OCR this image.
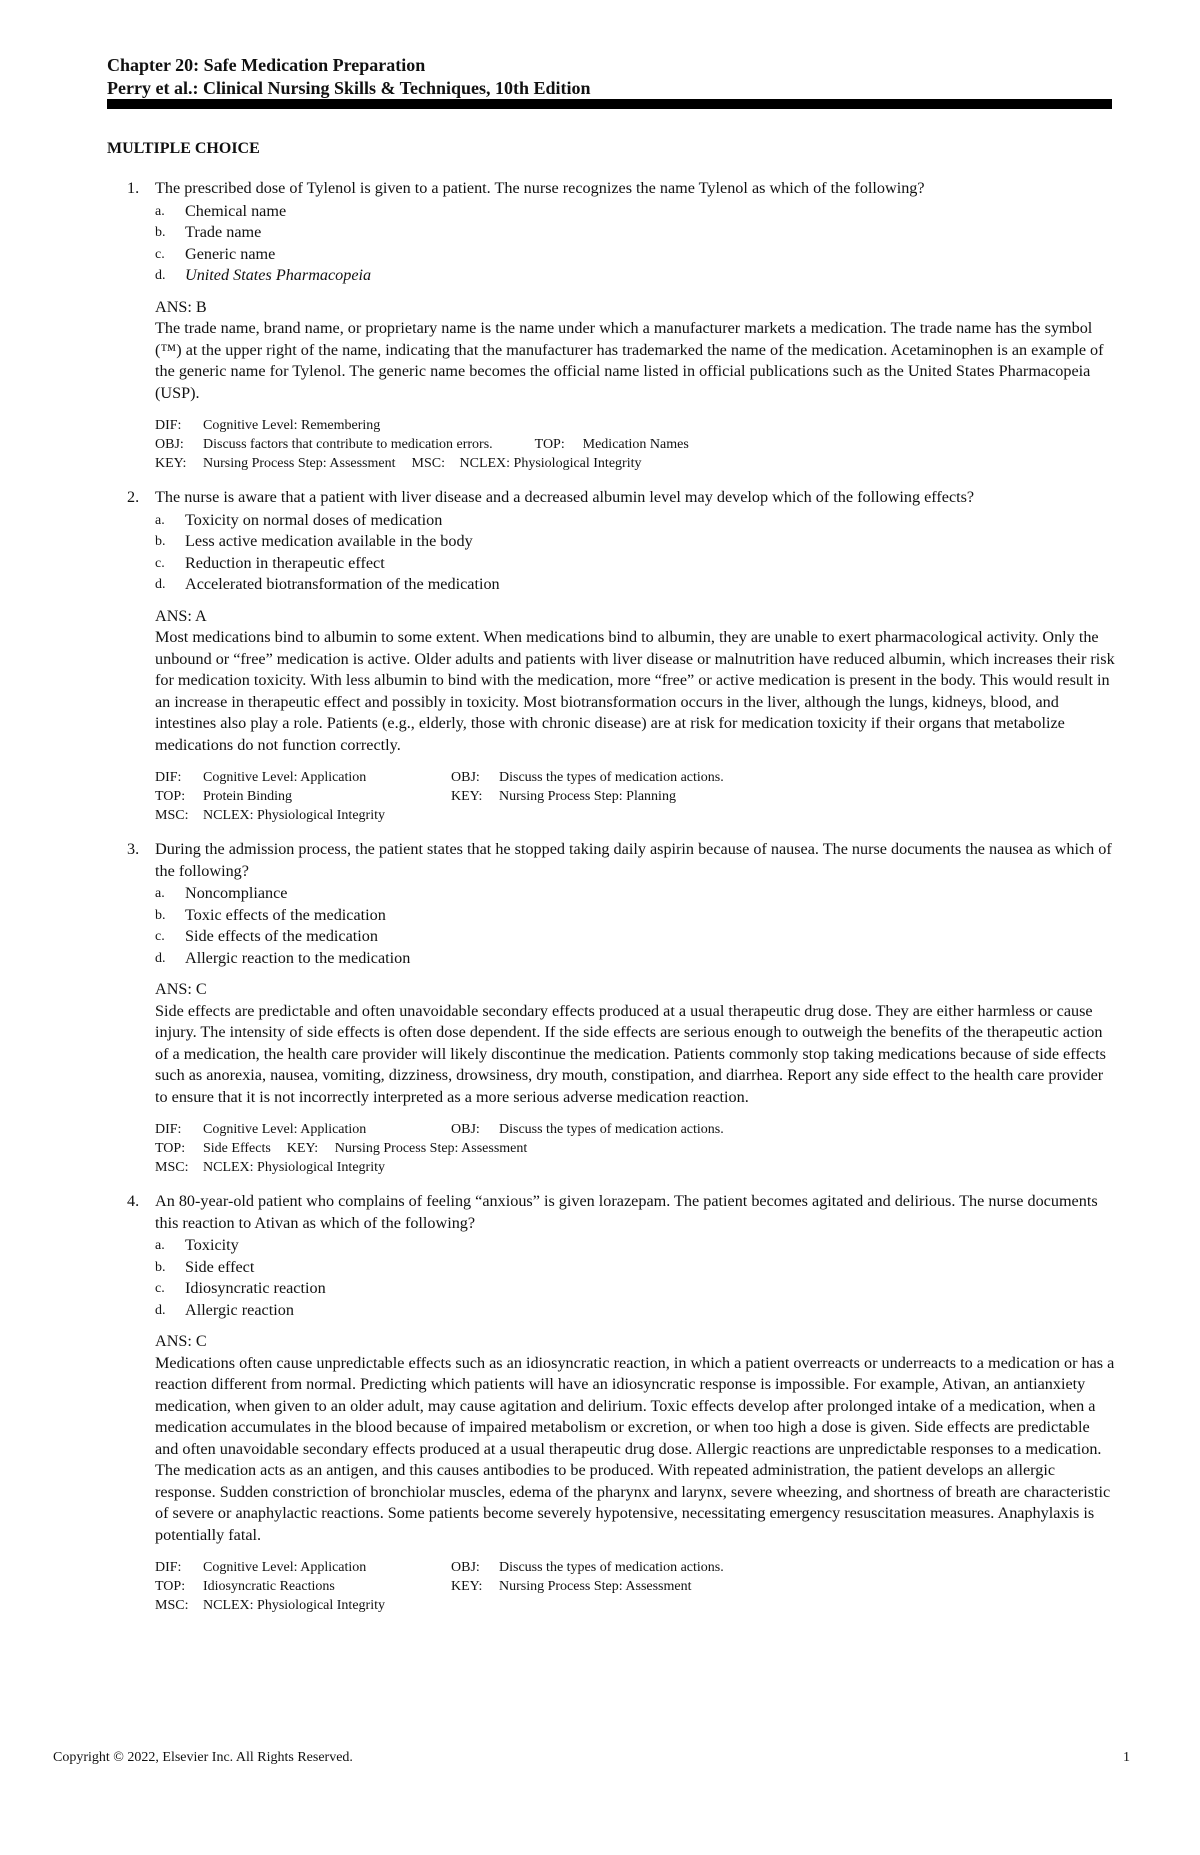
Chapter 20: Safe Medication Preparation
Perry et al.: Clinical Nursing Skills & Techniques, 10th Edition
MULTIPLE CHOICE
1. The prescribed dose of Tylenol is given to a patient. The nurse recognizes the name Tylenol as which of the following?
a. Chemical name
b. Trade name
c. Generic name
d. United States Pharmacopeia
ANS: B
The trade name, brand name, or proprietary name is the name under which a manufacturer markets a medication. The trade name has the symbol (™) at the upper right of the name, indicating that the manufacturer has trademarked the name of the medication. Acetaminophen is an example of the generic name for Tylenol. The generic name becomes the official name listed in official publications such as the United States Pharmacopeia (USP).
DIF:	Cognitive Level: Remembering
OBJ:	Discuss factors that contribute to medication errors.	TOP:	Medication Names
KEY:	Nursing Process Step: Assessment MSC:	NCLEX: Physiological Integrity
2. The nurse is aware that a patient with liver disease and a decreased albumin level may develop which of the following effects?
a. Toxicity on normal doses of medication
b. Less active medication available in the body
c. Reduction in therapeutic effect
d. Accelerated biotransformation of the medication
ANS: A
Most medications bind to albumin to some extent. When medications bind to albumin, they are unable to exert pharmacological activity. Only the unbound or “free” medication is active. Older adults and patients with liver disease or malnutrition have reduced albumin, which increases their risk for medication toxicity. With less albumin to bind with the medication, more “free” or active medication is present in the body. This would result in an increase in therapeutic effect and possibly in toxicity. Most biotransformation occurs in the liver, although the lungs, kidneys, blood, and intestines also play a role. Patients (e.g., elderly, those with chronic disease) are at risk for medication toxicity if their organs that metabolize medications do not function correctly.
DIF: Cognitive Level: Application	OBJ:	Discuss the types of medication actions.
TOP: Protein Binding	KEY:	Nursing Process Step: Planning
MSC:	NCLEX: Physiological Integrity
3. During the admission process, the patient states that he stopped taking daily aspirin because of nausea. The nurse documents the nausea as which of the following?
a. Noncompliance
b. Toxic effects of the medication
c. Side effects of the medication
d. Allergic reaction to the medication
ANS: C
Side effects are predictable and often unavoidable secondary effects produced at a usual therapeutic drug dose. They are either harmless or cause injury. The intensity of side effects is often dose dependent. If the side effects are serious enough to outweigh the benefits of the therapeutic action of a medication, the health care provider will likely discontinue the medication. Patients commonly stop taking medications because of side effects such as anorexia, nausea, vomiting, dizziness, drowsiness, dry mouth, constipation, and diarrhea. Report any side effect to the health care provider to ensure that it is not incorrectly interpreted as a more serious adverse medication reaction.
DIF: Cognitive Level: Application	OBJ:	Discuss the types of medication actions.
TOP:	Side Effects KEY:	Nursing Process Step: Assessment
MSC:	NCLEX: Physiological Integrity
4. An 80-year-old patient who complains of feeling “anxious” is given lorazepam. The patient becomes agitated and delirious. The nurse documents this reaction to Ativan as which of the following?
a. Toxicity
b. Side effect
c. Idiosyncratic reaction
d. Allergic reaction
ANS: C
Medications often cause unpredictable effects such as an idiosyncratic reaction, in which a patient overreacts or underreacts to a medication or has a reaction different from normal. Predicting which patients will have an idiosyncratic response is impossible. For example, Ativan, an antianxiety medication, when given to an older adult, may cause agitation and delirium. Toxic effects develop after prolonged intake of a medication, when a medication accumulates in the blood because of impaired metabolism or excretion, or when too high a dose is given. Side effects are predictable and often unavoidable secondary effects produced at a usual therapeutic drug dose. Allergic reactions are unpredictable responses to a medication. The medication acts as an antigen, and this causes antibodies to be produced. With repeated administration, the patient develops an allergic response. Sudden constriction of bronchiolar muscles, edema of the pharynx and larynx, severe wheezing, and shortness of breath are characteristic of severe or anaphylactic reactions. Some patients become severely hypotensive, necessitating emergency resuscitation measures. Anaphylaxis is potentially fatal.
DIF: Cognitive Level: Application	OBJ:	Discuss the types of medication actions.
TOP: Idiosyncratic Reactions	KEY:	Nursing Process Step: Assessment
MSC:	NCLEX: Physiological Integrity
Copyright © 2022, Elsevier Inc. All Rights Reserved.	1
